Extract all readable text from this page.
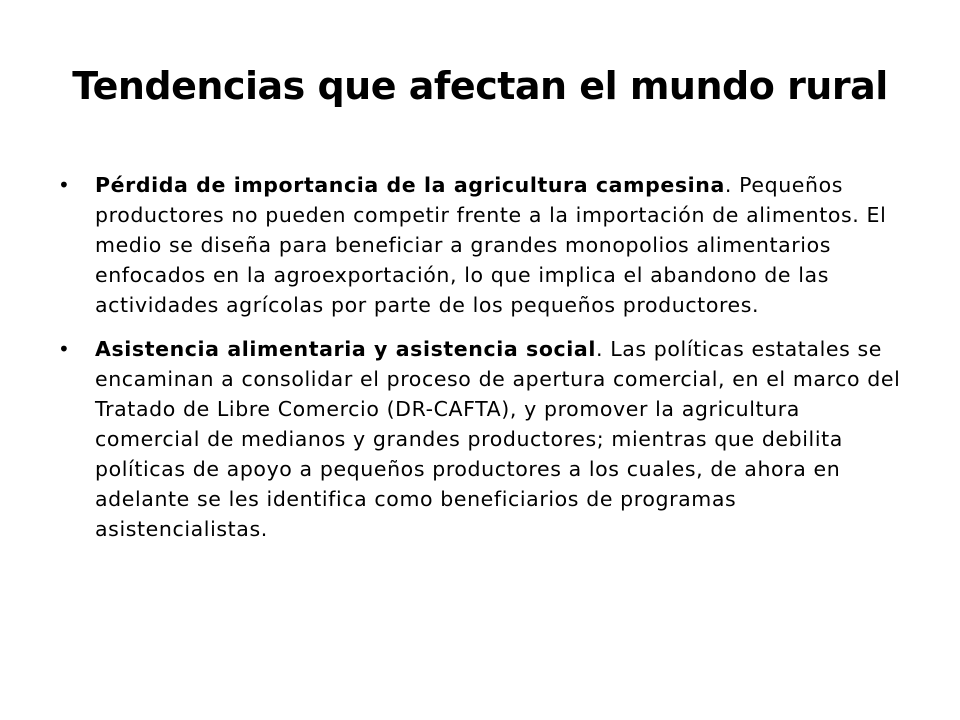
Tendencias que afectan el mundo rural
• Pérdida de importancia de la agricultura campesina. Pequeños productores no pueden competir frente a la importación de alimentos. El medio se diseña para beneficiar a grandes monopolios alimentarios enfocados en la agroexportación, lo que implica el abandono de las actividades agrícolas por parte de los pequeños productores.
• Asistencia alimentaria y asistencia social. Las políticas estatales se encaminan a consolidar el proceso de apertura comercial, en el marco del Tratado de Libre Comercio (DR-CAFTA), y promover la agricultura comercial de medianos y grandes productores; mientras que debilita políticas de apoyo a pequeños productores a los cuales, de ahora en adelante se les identifica como beneficiarios de programas asistencialistas.
